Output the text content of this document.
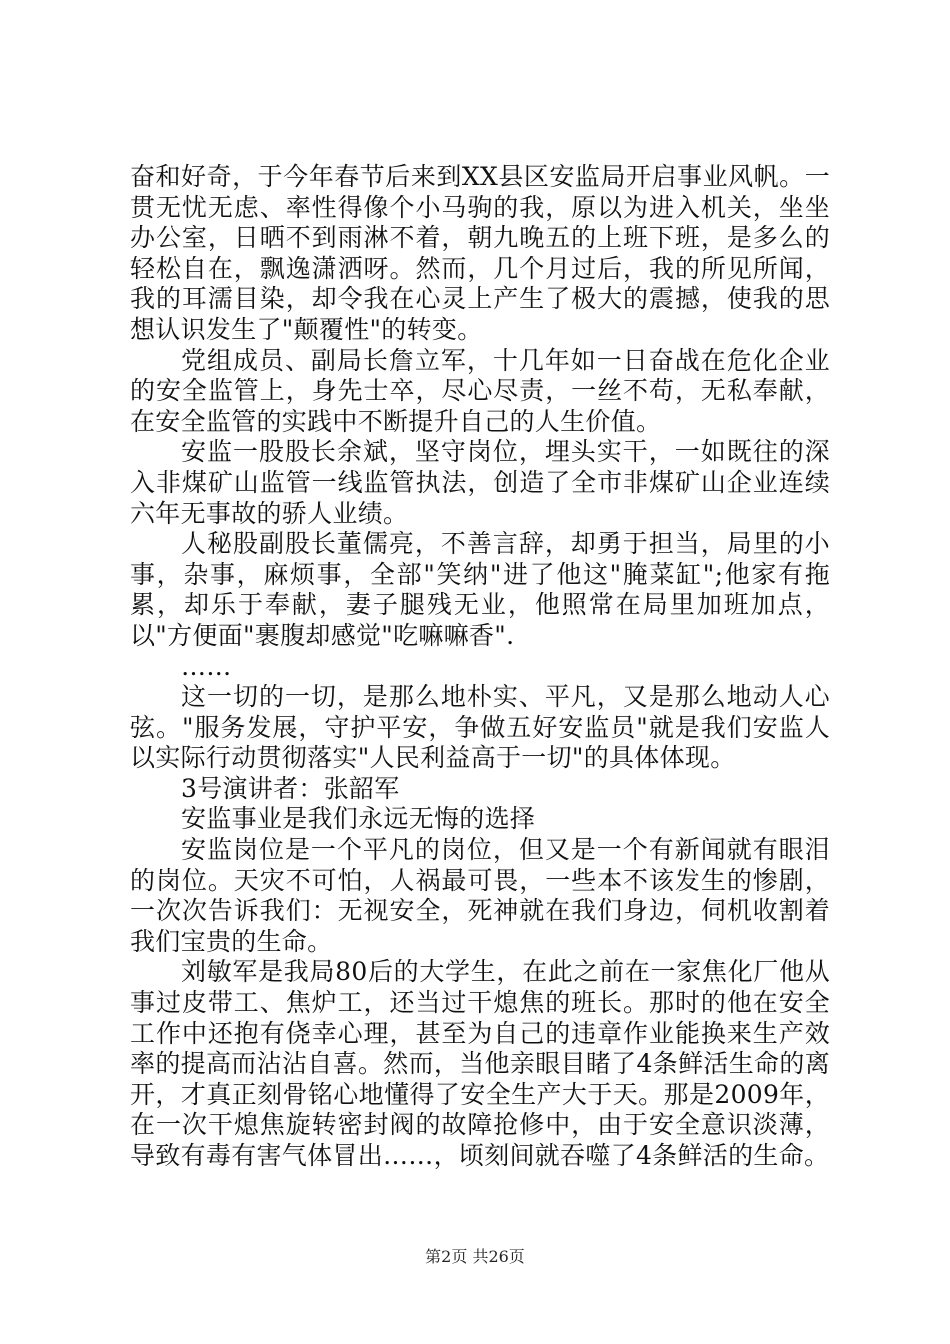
奋和好奇，于今年春节后来到XX县区安监局开启事业风帆。一贯无忧无虑、率性得像个小马驹的我，原以为进入机关，坐坐办公室，日晒不到雨淋不着，朝九晚五的上班下班，是多么的轻松自在，飘逸潇洒呀。然而，几个月过后，我的所见所闻，我的耳濡目染，却令我在心灵上产生了极大的震撼，使我的思想认识发生了"颠覆性"的转变。

党组成员、副局长詹立军，十几年如一日奋战在危化企业的安全监管上，身先士卒，尽心尽责，一丝不苟，无私奉献，在安全监管的实践中不断提升自己的人生价值。

安监一股股长余斌，坚守岗位，埋头实干，一如既往的深入非煤矿山监管一线监管执法，创造了全市非煤矿山企业连续六年无事故的骄人业绩。

人秘股副股长董儒亮，不善言辞，却勇于担当，局里的小事，杂事，麻烦事，全部"笑纳"进了他这"腌菜缸";他家有拖累，却乐于奉献，妻子腿残无业，他照常在局里加班加点，以"方便面"裹腹却感觉"吃嘛嘛香".

……

这一切的一切，是那么地朴实、平凡，又是那么地动人心弦。"服务发展，守护平安，争做五好安监员"就是我们安监人以实际行动贯彻落实"人民利益高于一切"的具体体现。

3号演讲者：张韶军

安监事业是我们永远无悔的选择

安监岗位是一个平凡的岗位，但又是一个有新闻就有眼泪的岗位。天灾不可怕，人祸最可畏，一些本不该发生的惨剧，一次次告诉我们：无视安全，死神就在我们身边，伺机收割着我们宝贵的生命。

刘敏军是我局80后的大学生，在此之前在一家焦化厂他从事过皮带工、焦炉工，还当过干熄焦的班长。那时的他在安全工作中还抱有侥幸心理，甚至为自己的违章作业能换来生产效率的提高而沾沾自喜。然而，当他亲眼目睹了4条鲜活生命的离开，才真正刻骨铭心地懂得了安全生产大于天。那是2009年，在一次干熄焦旋转密封阀的故障抢修中，由于安全意识淡薄，导致有毒有害气体冒出……，顷刻间就吞噬了4条鲜活的生命。

第2页 共26页
